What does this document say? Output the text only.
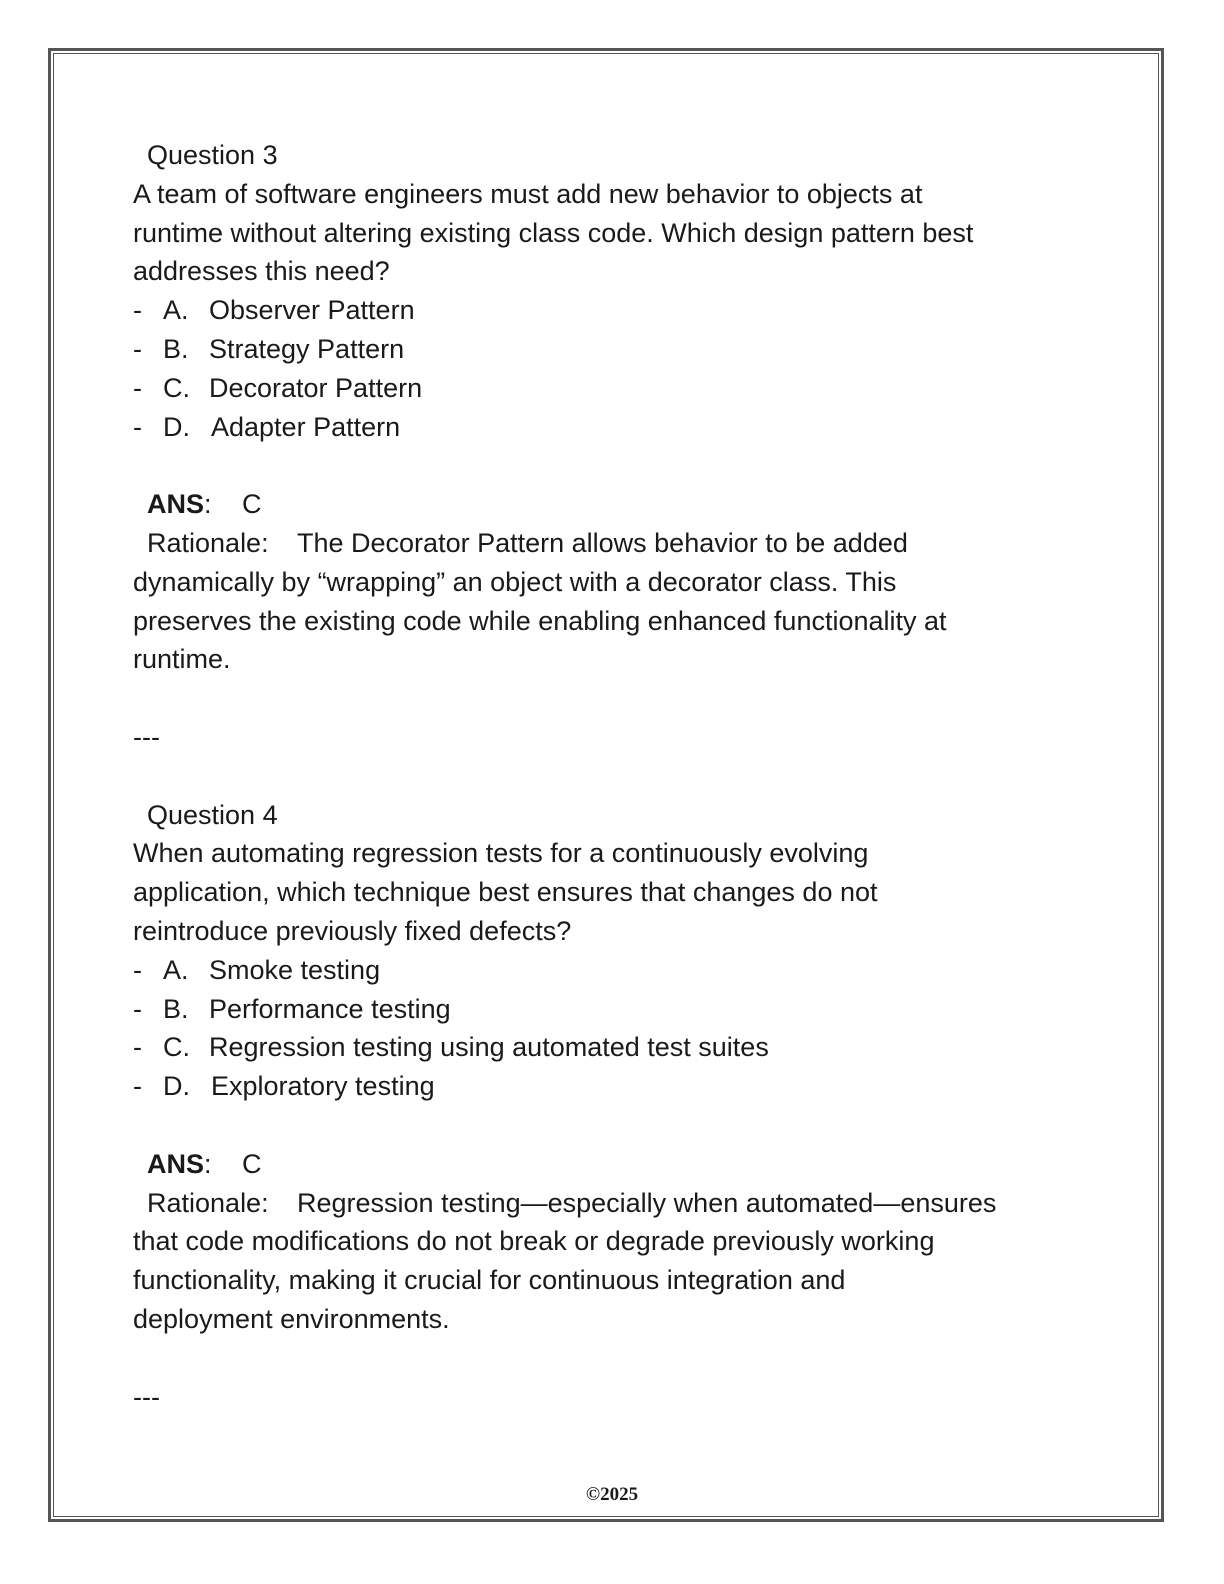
Question 3
A team of software engineers must add new behavior to objects at
runtime without altering existing class code. Which design pattern best
addresses this need?
- A. Observer Pattern
- B. Strategy Pattern
- C. Decorator Pattern
- D. Adapter Pattern
ANS: C
Rationale: The Decorator Pattern allows behavior to be added
dynamically by “wrapping” an object with a decorator class. This
preserves the existing code while enabling enhanced functionality at
runtime.
---
Question 4
When automating regression tests for a continuously evolving
application, which technique best ensures that changes do not
reintroduce previously fixed defects?
- A. Smoke testing
- B. Performance testing
- C. Regression testing using automated test suites
- D. Exploratory testing
ANS: C
Rationale: Regression testing—especially when automated—ensures
that code modifications do not break or degrade previously working
functionality, making it crucial for continuous integration and
deployment environments.
---
©2025
